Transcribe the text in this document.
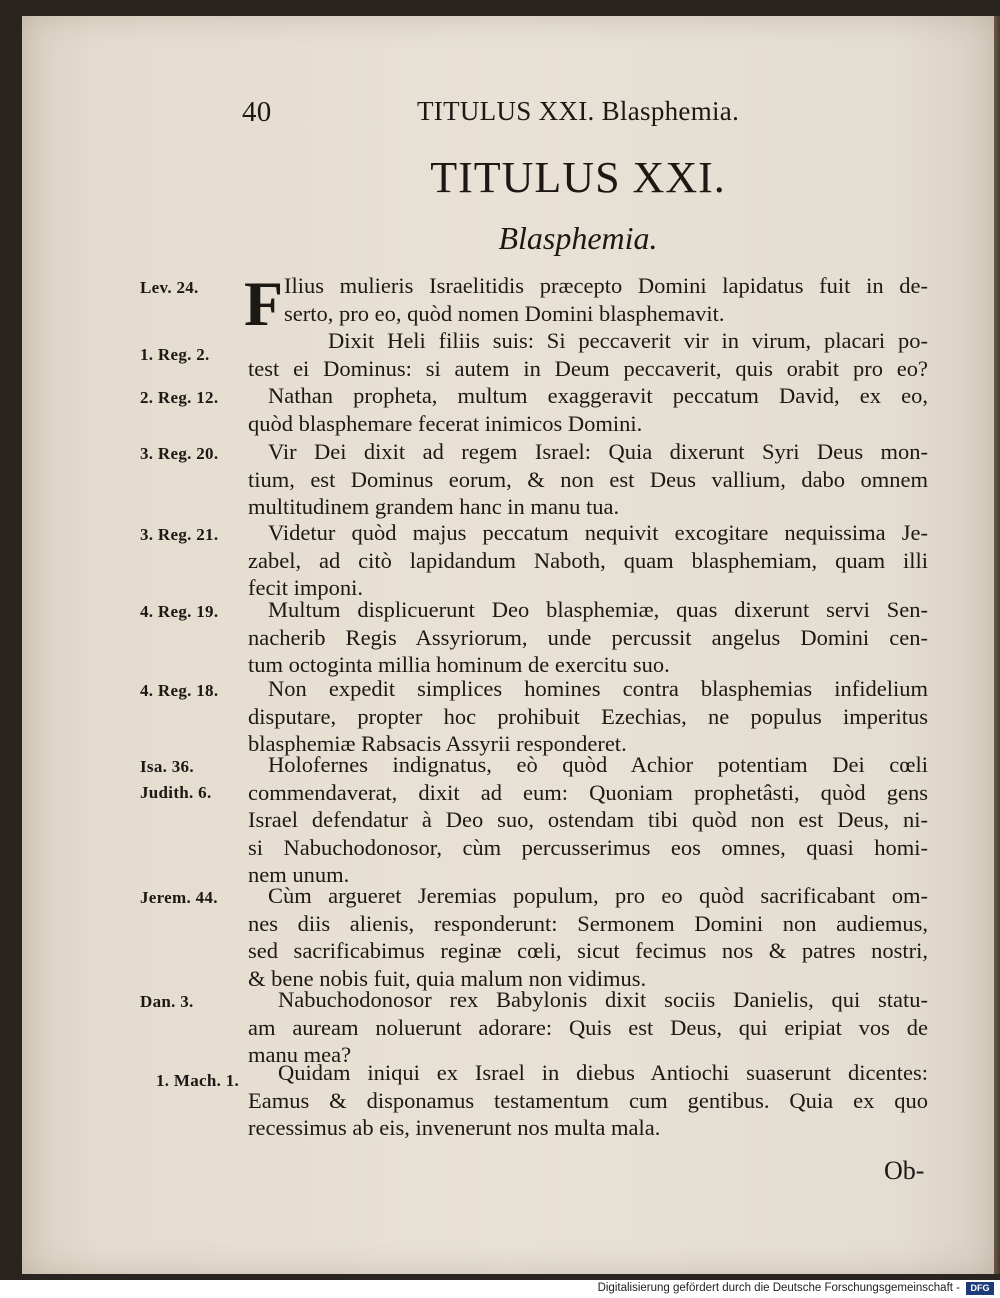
40	TITULUS XXI. Blasphemia.
TITULUS XXI.
Blasphemia.
Lev. 24. F Ilius mulieris Israelitidis præcepto Domini lapidatus fuit in de-
serto, pro eo, quòd nomen Domini blasphemavit.
1. Reg. 2.
Dixit Heli filiis suis: Si peccaverit vir in virum, placari po-
test ei Dominus: si autem in Deum peccaverit, quis orabit pro eo?
2. Reg. 12.	Nathan propheta, multum exaggeravit peccatum David, ex eo,
quòd blasphemare fecerat inimicos Domini.
3. Reg. 20.	Vir Dei dixit ad regem Israel: Quia dixerunt Syri Deus mon-
tium, est Dominus eorum, & non est Deus vallium, dabo omnem
multitudinem grandem hanc in manu tua.
3. Reg. 21.	Videtur quòd majus peccatum nequivit excogitare nequissima Je-
zabel, ad citò lapidandum Naboth, quam blasphemiam, quam illi
fecit imponi.
4. Reg. 19.	Multum displicuerunt Deo blasphemiæ, quas dixerunt servi Sen-
nacherib Regis Assyriorum, unde percussit angelus Domini cen-
tum octoginta millia hominum de exercitu suo.
4. Reg. 18.	Non expedit simplices homines contra blasphemias infidelium
disputare, propter hoc prohibuit Ezechias, ne populus imperitus
blasphemiæ Rabsacis Assyrii responderet.
Isa. 36.
Judith. 6.
Holofernes indignatus, eò quòd Achior potentiam Dei cœli
commendaverat, dixit ad eum: Quoniam prophetâsti, quòd gens
Israel defendatur à Deo suo, ostendam tibi quòd non est Deus, ni-
si Nabuchodonosor, cùm percusserimus eos omnes, quasi homi-
nem unum.
Jerem. 44.	Cùm argueret Jeremias populum, pro eo quòd sacrificabant om-
nes diis alienis, responderunt: Sermonem Domini non audiemus,
sed sacrificabimus reginæ cœli, sicut fecimus nos & patres nostri,
& bene nobis fuit, quia malum non vidimus.
Dan. 3.	Nabuchodonosor rex Babylonis dixit sociis Danielis, qui statu-
am auream noluerunt adorare: Quis est Deus, qui eripiat vos de
manu mea?
1. Mach. 1.	Quidam iniqui ex Israel in diebus Antiochi suaserunt dicentes:
Eamus & disponamus testamentum cum gentibus. Quia ex quo
recessimus ab eis, invenerunt nos multa mala.
Ob-
Digitalisierung gefördert durch die Deutsche Forschungsgemeinschaft -	DFG
